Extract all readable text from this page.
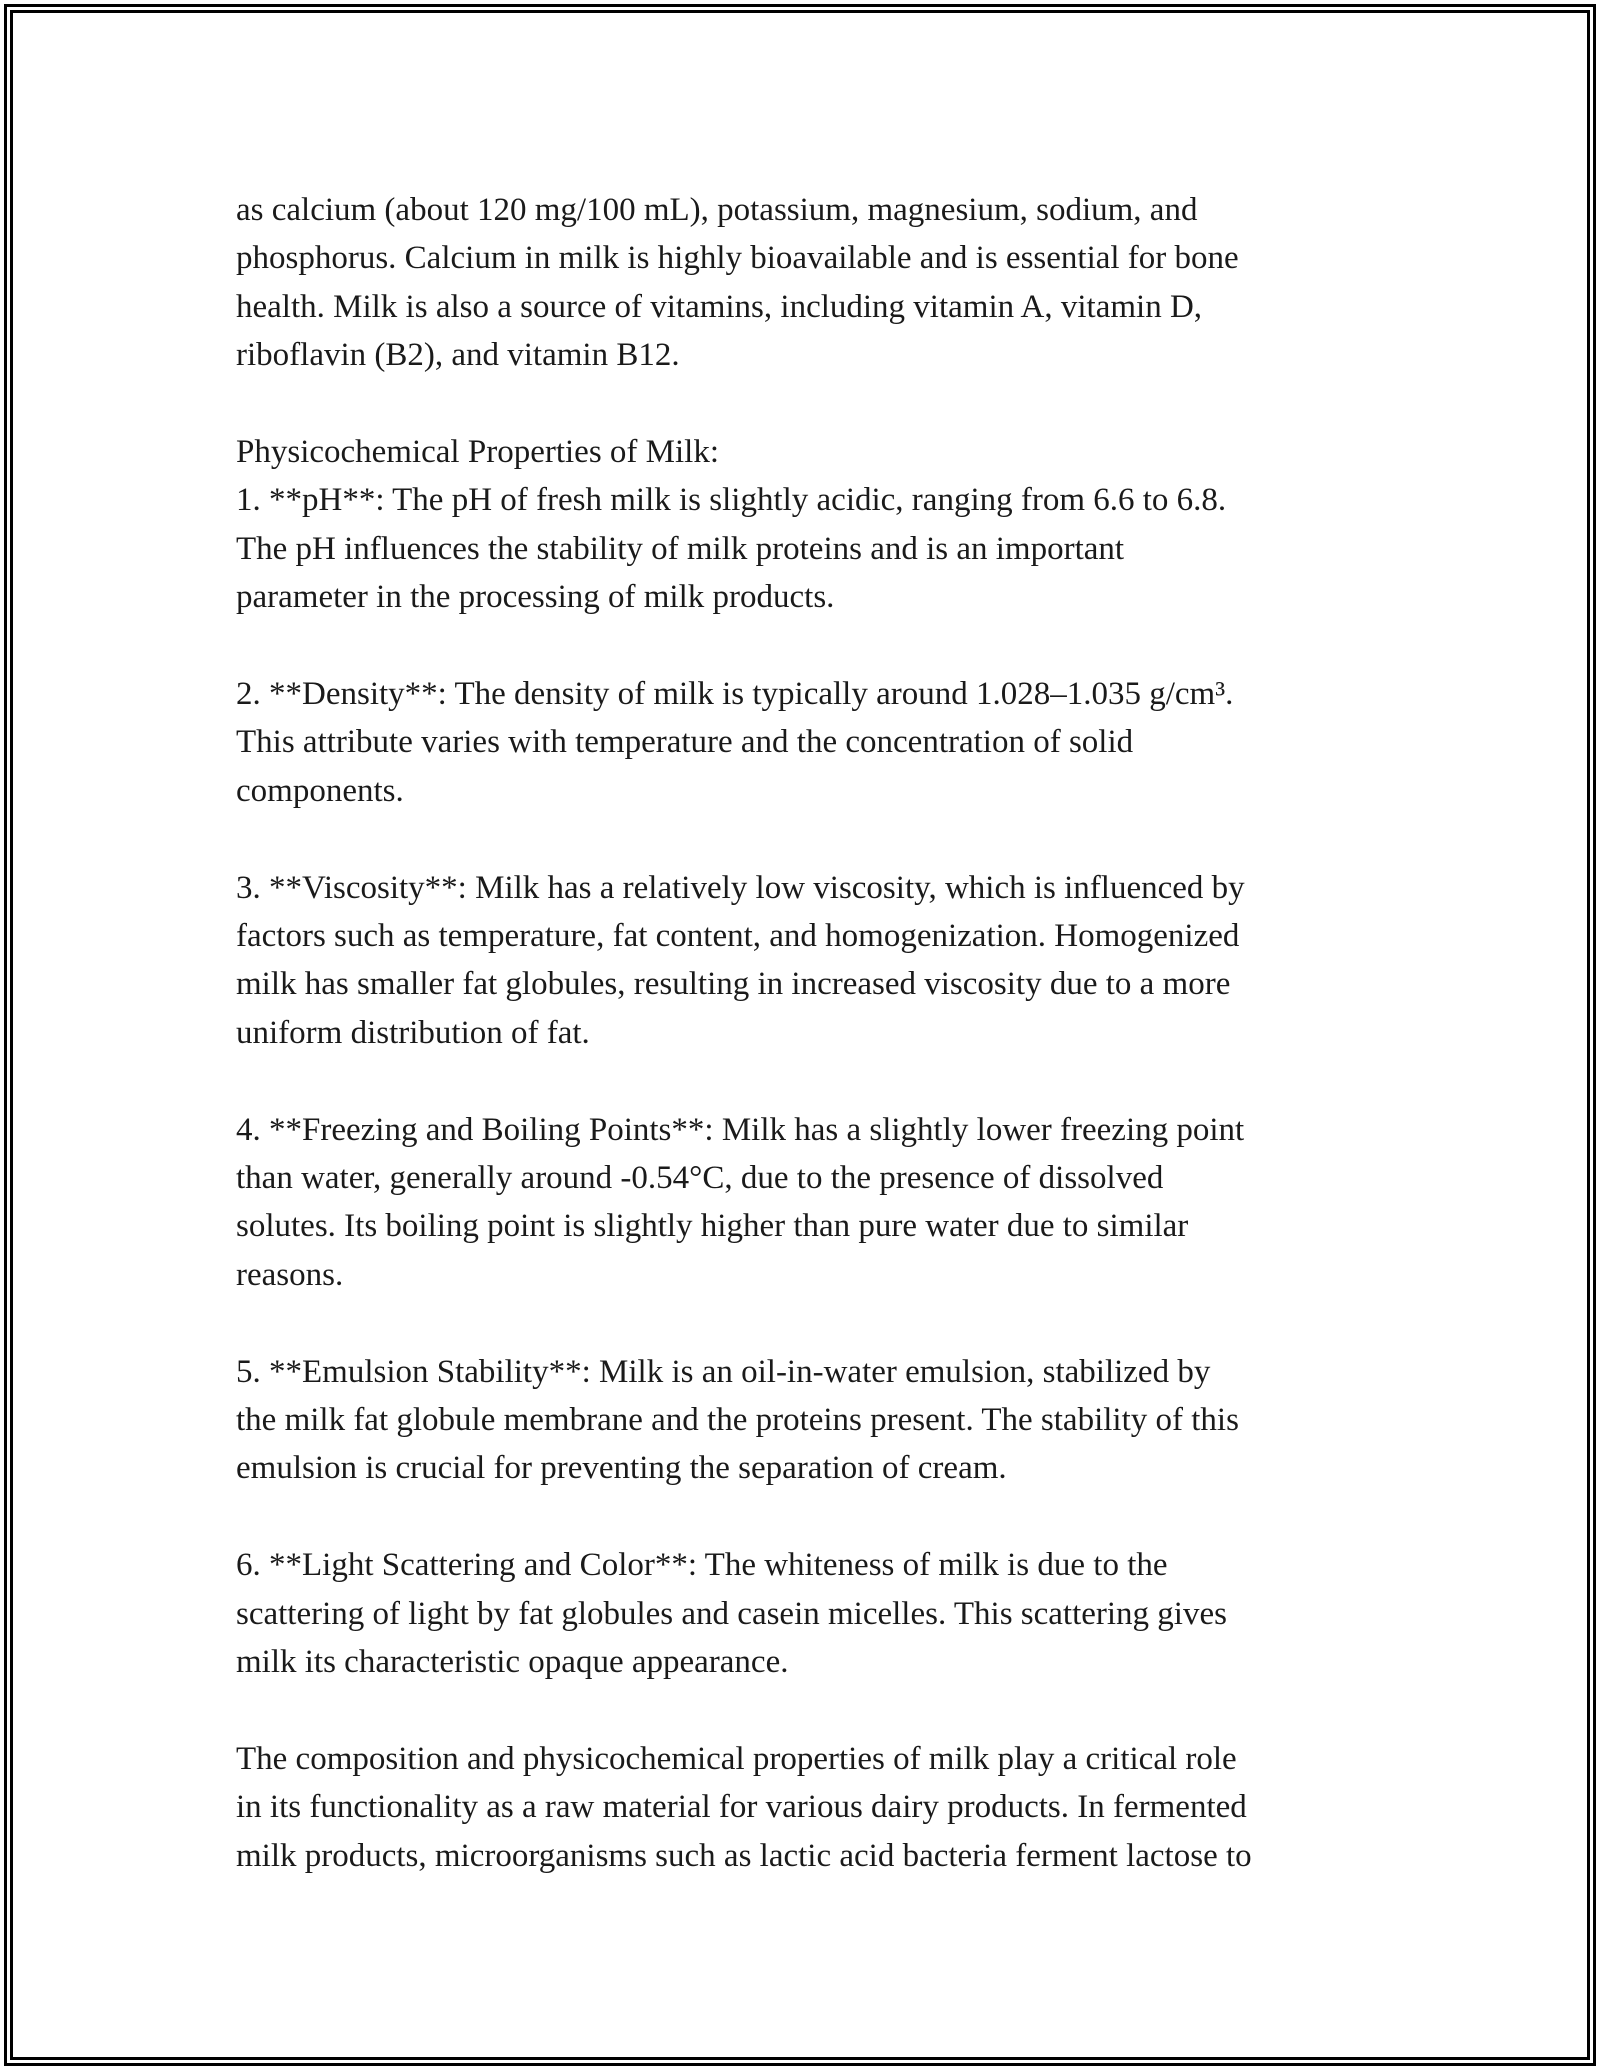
as calcium (about 120 mg/100 mL), potassium, magnesium, sodium, and
phosphorus. Calcium in milk is highly bioavailable and is essential for bone
health. Milk is also a source of vitamins, including vitamin A, vitamin D,
riboflavin (B2), and vitamin B12.

Physicochemical Properties of Milk:
1. **pH**: The pH of fresh milk is slightly acidic, ranging from 6.6 to 6.8.
The pH influences the stability of milk proteins and is an important
parameter in the processing of milk products.

2. **Density**: The density of milk is typically around 1.028–1.035 g/cm³.
This attribute varies with temperature and the concentration of solid
components.

3. **Viscosity**: Milk has a relatively low viscosity, which is influenced by
factors such as temperature, fat content, and homogenization. Homogenized
milk has smaller fat globules, resulting in increased viscosity due to a more
uniform distribution of fat.

4. **Freezing and Boiling Points**: Milk has a slightly lower freezing point
than water, generally around -0.54°C, due to the presence of dissolved
solutes. Its boiling point is slightly higher than pure water due to similar
reasons.

5. **Emulsion Stability**: Milk is an oil-in-water emulsion, stabilized by
the milk fat globule membrane and the proteins present. The stability of this
emulsion is crucial for preventing the separation of cream.

6. **Light Scattering and Color**: The whiteness of milk is due to the
scattering of light by fat globules and casein micelles. This scattering gives
milk its characteristic opaque appearance.

The composition and physicochemical properties of milk play a critical role
in its functionality as a raw material for various dairy products. In fermented
milk products, microorganisms such as lactic acid bacteria ferment lactose to
